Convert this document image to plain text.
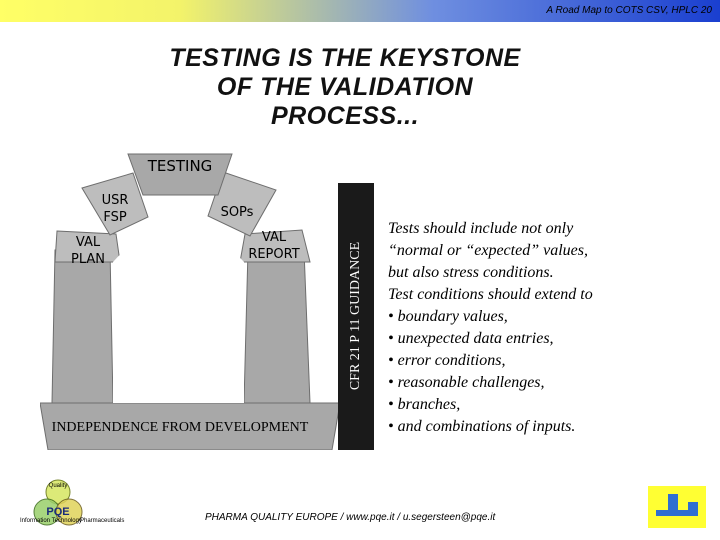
A Road Map to COTS CSV, HPLC 20
TESTING IS THE KEYSTONE
OF THE VALIDATION
PROCESS...
TESTING
USR
FSP	SOPs
VAL
PLAN
VAL
REPORT
INDEPENDENCE FROM DEVELOPMENT
CFR 21 P 11 GUIDANCE
Tests should include not only
“normal or “expected” values,
but also stress conditions.
Test conditions should extend to
• boundary values,
• unexpected data entries,
• error conditions,
• reasonable challenges,
• branches,
• and combinations of inputs.
Quality
PQE
Information Technology
Pharmaceuticals	PHARMA QUALITY EUROPE / www.pqe.it / u.segersteen@pqe.it
